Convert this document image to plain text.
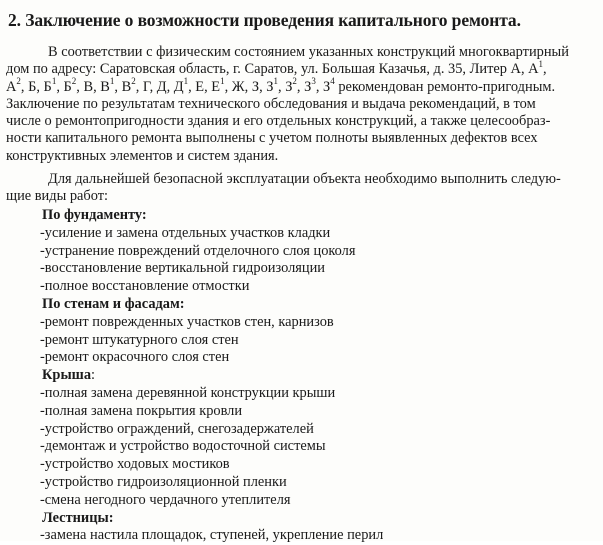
2. Заключение о возможности проведения капитального ремонта.
В соответствии с физическим состоянием указанных конструкций многоквартирный
дом по адресу: Саратовская область, г. Саратов, ул. Большая Казачья, д. 35, Литер А, $А^1$,
$А^2$, Б, $Б^1$, $Б^2$, В, $В^1$, $В^2$, Г, Д, $Д^1$, Е, $Е^1$, Ж, З, $З^1$, $З^2$, $З^3$, $З^4$ рекомендован ремонто-пригодным.
Заключение по результатам технического обследования и выдача рекомендаций, в том
числе о ремонтопригодности здания и его отдельных конструкций, а также целесообраз-
ности капитального ремонта выполнены с учетом полноты выявленных дефектов всех
конструктивных элементов и систем здания.
Для дальнейшей безопасной эксплуатации объекта необходимо выполнить следую-
щие виды работ:
По фундаменту:
-усиление и замена отдельных участков кладки
-устранение повреждений отделочного слоя цоколя
-восстановление вертикальной гидроизоляции
-полное восстановление отмостки
По стенам и фасадам:
-ремонт поврежденных участков стен, карнизов
-ремонт штукатурного слоя стен
-ремонт окрасочного слоя стен
Крыша:
-полная замена деревянной конструкции крыши
-полная замена покрытия кровли
-устройство ограждений, снегозадержателей
-демонтаж и устройство водосточной системы
-устройство ходовых мостиков
-устройство гидроизоляционной пленки
-смена негодного чердачного утеплителя
Лестницы:
-замена настила площадок, ступеней, укрепление перил
